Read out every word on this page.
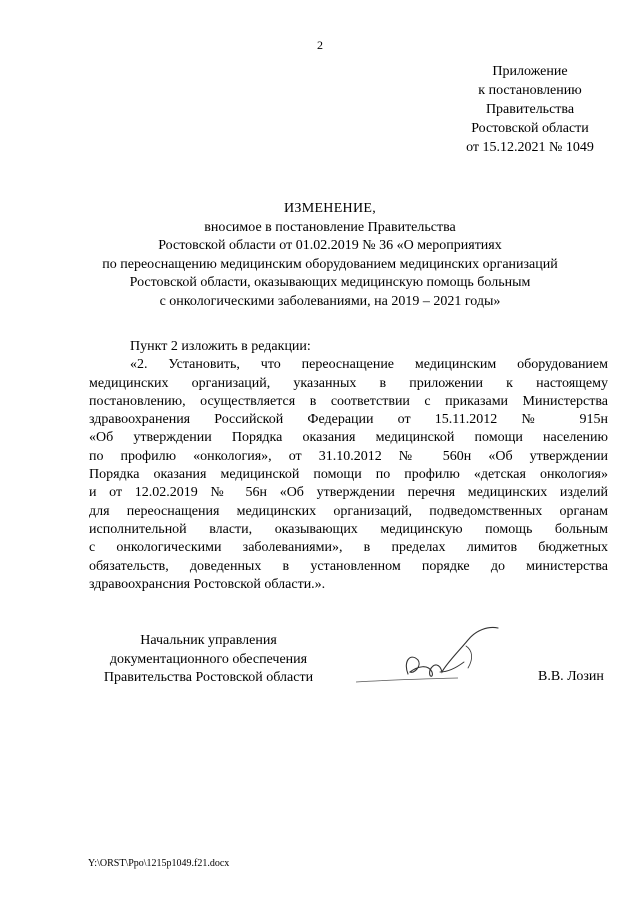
2
Приложение
к постановлению
Правительства
Ростовской области
от 15.12.2021 № 1049
ИЗМЕНЕНИЕ,
вносимое в постановление Правительства
Ростовской области от 01.02.2019 № 36 «О мероприятиях
по переоснащению медицинским оборудованием медицинских организаций
Ростовской области, оказывающих медицинскую помощь больным
с онкологическими заболеваниями, на 2019 – 2021 годы»

Пункт 2 изложить в редакции:

«2. Установить, что переоснащение медицинским оборудованием

медицинских организаций, указанных в приложении к настоящему

постановлению, осуществляется в соответствии с приказами Министерства

здравоохранения Российской Федерации от 15.11.2012 № 915н

«Об утверждении Порядка оказания медицинской помощи населению

по профилю «онкология», от 31.10.2012 № 560н «Об утверждении

Порядка оказания медицинской помощи по профилю «детская онкология»

и от 12.02.2019 № 56н «Об утверждении перечня медицинских изделий

для переоснащения медицинских организаций, подведомственных органам

исполнительной власти, оказывающих медицинскую помощь больным

с онкологическими заболеваниями», в пределах лимитов бюджетных

обязательств, доведенных в установленном порядке до министерства

здравоохрансния Ростовской области.».

Начальник управления
документационного обеспечения
Правительства Ростовской области	В.В. Лозин
Y:\ORST\Ppo\1215p1049.f21.docx
